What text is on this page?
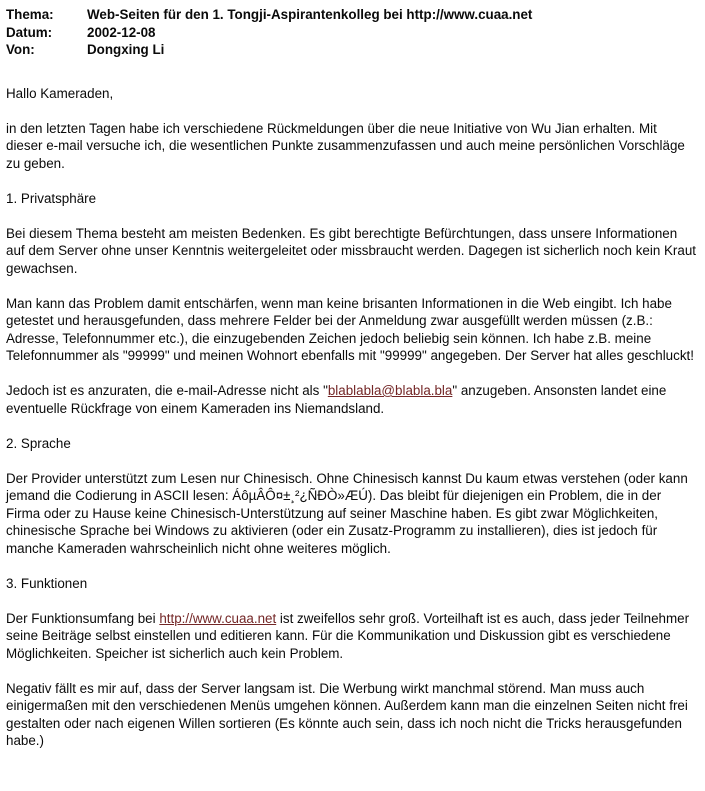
Thema:	Web-Seiten für den 1. Tongji-Aspirantenkolleg bei http://www.cuaa.net
Datum:	2002-12-08
Von:	Dongxing Li

Hallo Kameraden,

in den letzten Tagen habe ich verschiedene Rückmeldungen über die neue Initiative von Wu Jian erhalten. Mit dieser e-mail versuche ich, die wesentlichen Punkte zusammenzufassen und auch meine persönlichen Vorschläge zu geben.

1. Privatsphäre

Bei diesem Thema besteht am meisten Bedenken. Es gibt berechtigte Befürchtungen, dass unsere Informationen auf dem Server ohne unser Kenntnis weitergeleitet oder missbraucht werden. Dagegen ist sicherlich noch kein Kraut gewachsen.

Man kann das Problem damit entschärfen, wenn man keine brisanten Informationen in die Web eingibt. Ich habe getestet und herausgefunden, dass mehrere Felder bei der Anmeldung zwar ausgefüllt werden müssen (z.B.: Adresse, Telefonnummer etc.), die einzugebenden Zeichen jedoch beliebig sein können. Ich habe z.B. meine Telefonnummer als "99999" und meinen Wohnort ebenfalls mit "99999" angegeben. Der Server hat alles geschluckt!

Jedoch ist es anzuraten, die e-mail-Adresse nicht als "blablabla@blabla.bla" anzugeben. Ansonsten landet eine eventuelle Rückfrage von einem Kameraden ins Niemandsland.

2. Sprache

Der Provider unterstützt zum Lesen nur Chinesisch. Ohne Chinesisch kannst Du kaum etwas verstehen (oder kann jemand die Codierung in ASCII lesen: ÁôµÂÔ¤±¸²¿ÑÐÒ»ÆÚ). Das bleibt für diejenigen ein Problem, die in der Firma oder zu Hause keine Chinesisch-Unterstützung auf seiner Maschine haben. Es gibt zwar Möglichkeiten, chinesische Sprache bei Windows zu aktivieren (oder ein Zusatz-Programm zu installieren), dies ist jedoch für manche Kameraden wahrscheinlich nicht ohne weiteres möglich.

3. Funktionen

Der Funktionsumfang bei http://www.cuaa.net ist zweifellos sehr groß. Vorteilhaft ist es auch, dass jeder Teilnehmer seine Beiträge selbst einstellen und editieren kann. Für die Kommunikation und Diskussion gibt es verschiedene Möglichkeiten. Speicher ist sicherlich auch kein Problem.

Negativ fällt es mir auf, dass der Server langsam ist. Die Werbung wirkt manchmal störend. Man muss auch einigermaßen mit den verschiedenen Menüs umgehen können. Außerdem kann man die einzelnen Seiten nicht frei gestalten oder nach eigenen Willen sortieren (Es könnte auch sein, dass ich noch nicht die Tricks herausgefunden habe.)
